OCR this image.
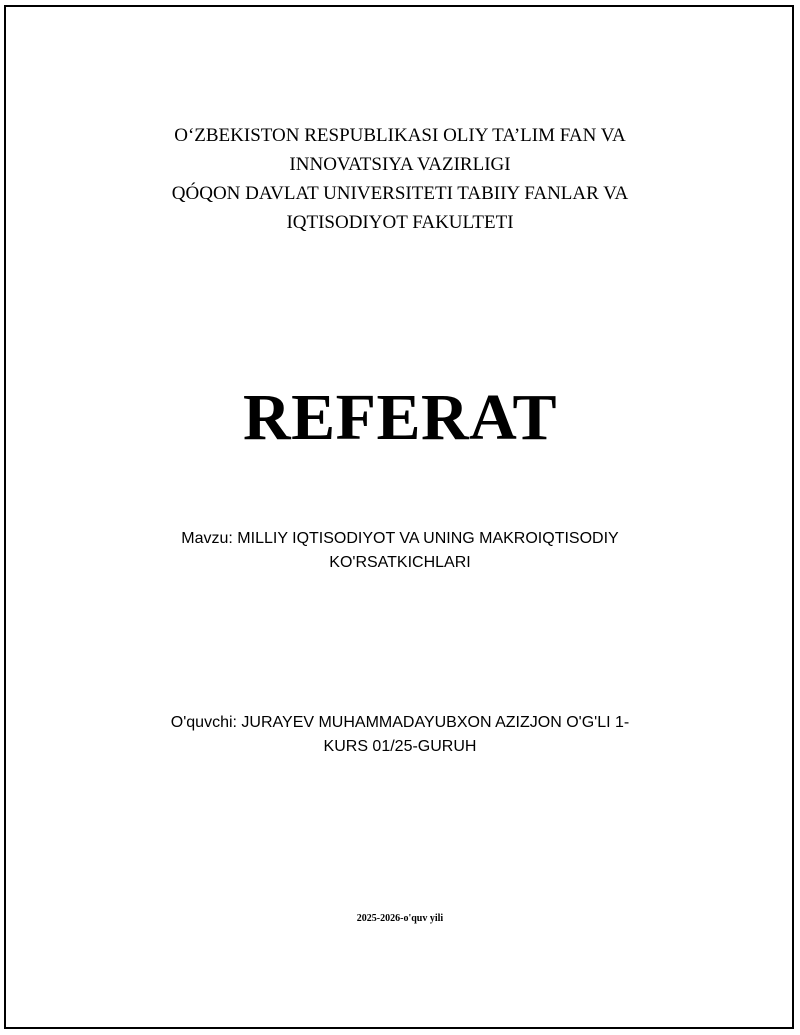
O‘ZBEKISTON RESPUBLIKASI OLIY TA’LIM FAN VA
INNOVATSIYA VAZIRLIGI
QÓQON DAVLAT UNIVERSITETI TABIIY FANLAR VA
IQTISODIYOT FAKULTETI
REFERAT
Mavzu: MILLIY IQTISODIYOT VA UNING MAKROIQTISODIY
KO'RSATKICHLARI
O'quvchi: JURAYEV MUHAMMADAYUBXON AZIZJON O'G'LI 1-
KURS 01/25-GURUH
2025-2026-o'quv yili
